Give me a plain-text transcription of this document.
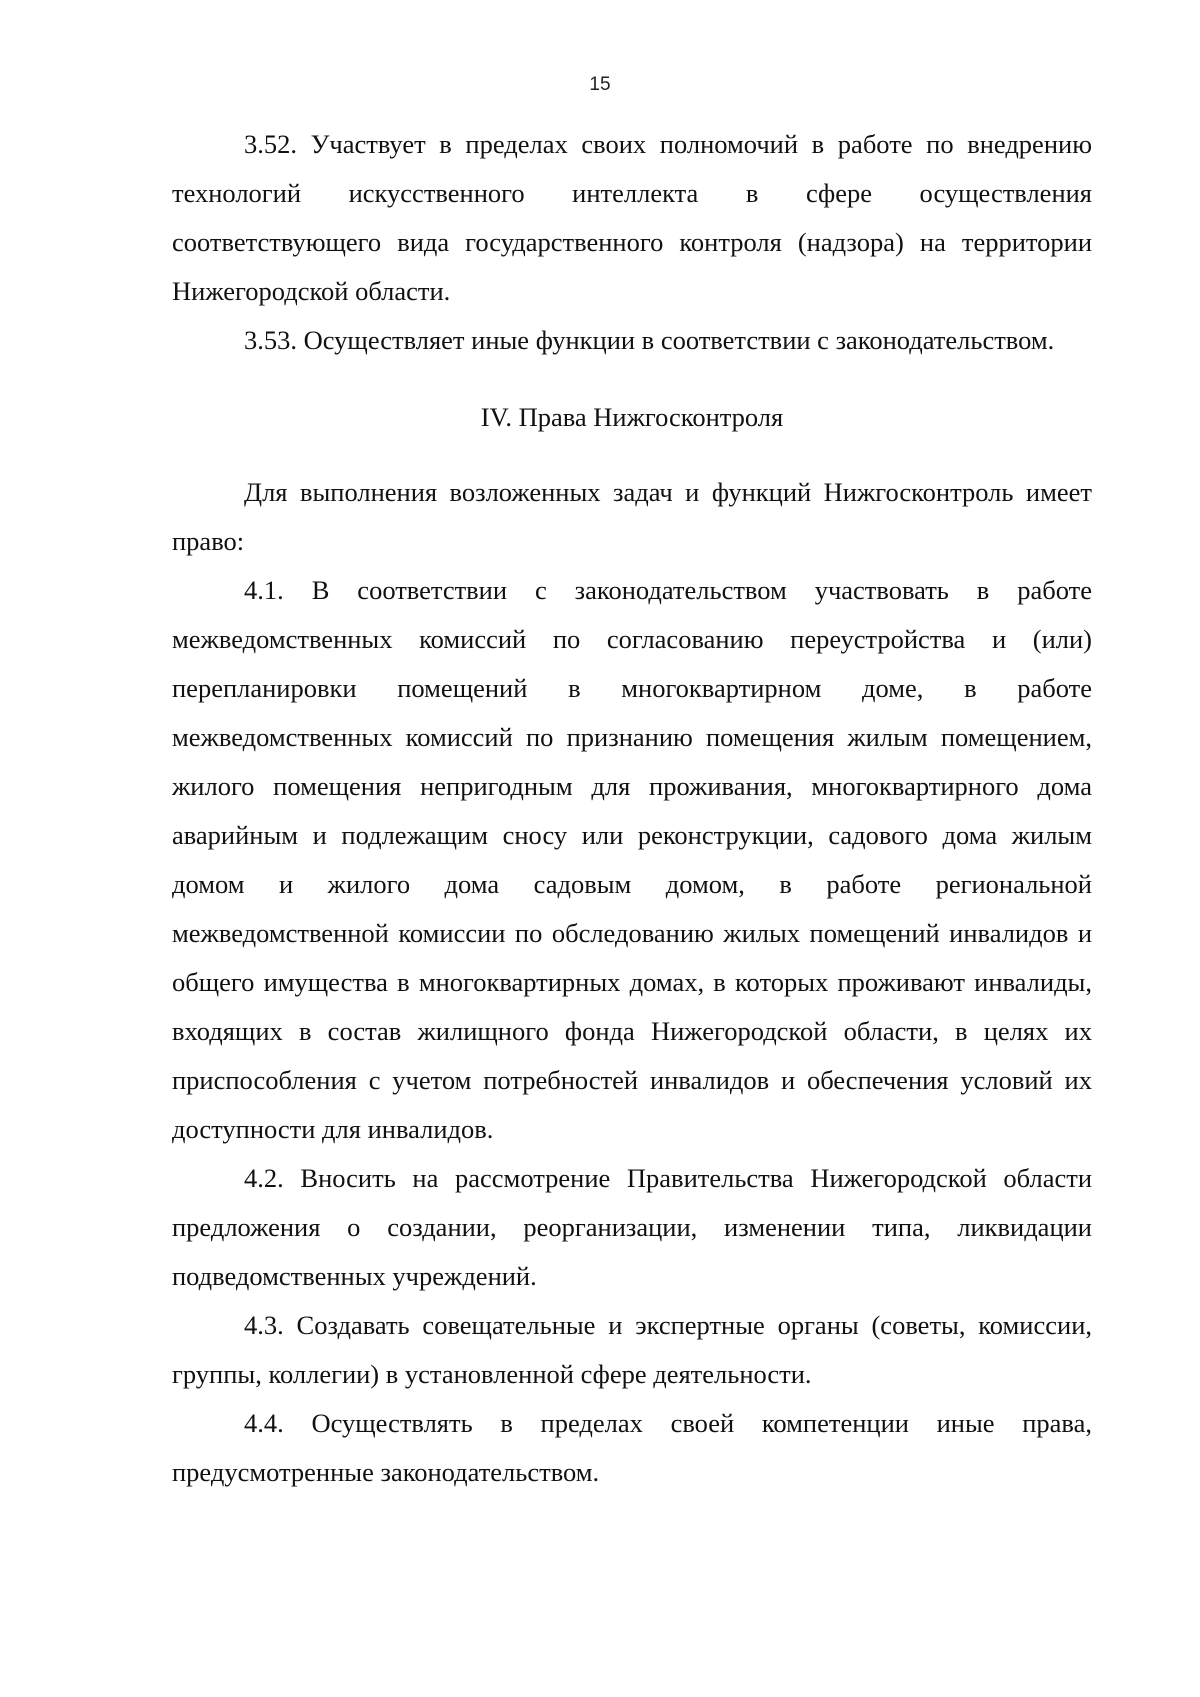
15

3.52. Участвует в пределах своих полномочий в работе по внедрению технологий искусственного интеллекта в сфере осуществления соответствующего вида государственного контроля (надзора) на территории Нижегородской области.

3.53. Осуществляет иные функции в соответствии с законодательством.

IV. Права Нижгосконтроля

Для выполнения возложенных задач и функций Нижгосконтроль имеет право:

4.1. В соответствии с законодательством участвовать в работе межведомственных комиссий по согласованию переустройства и (или) перепланировки помещений в многоквартирном доме, в работе межведомственных комиссий по признанию помещения жилым помещением, жилого помещения непригодным для проживания, многоквартирного дома аварийным и подлежащим сносу или реконструкции, садового дома жилым домом и жилого дома садовым домом, в работе региональной межведомственной комиссии по обследованию жилых помещений инвалидов и общего имущества в многоквартирных домах, в которых проживают инвалиды, входящих в состав жилищного фонда Нижегородской области, в целях их приспособления с учетом потребностей инвалидов и обеспечения условий их доступности для инвалидов.

4.2. Вносить на рассмотрение Правительства Нижегородской области предложения о создании, реорганизации, изменении типа, ликвидации подведомственных учреждений.

4.3. Создавать совещательные и экспертные органы (советы, комиссии, группы, коллегии) в установленной сфере деятельности.

4.4. Осуществлять в пределах своей компетенции иные права, предусмотренные законодательством.
